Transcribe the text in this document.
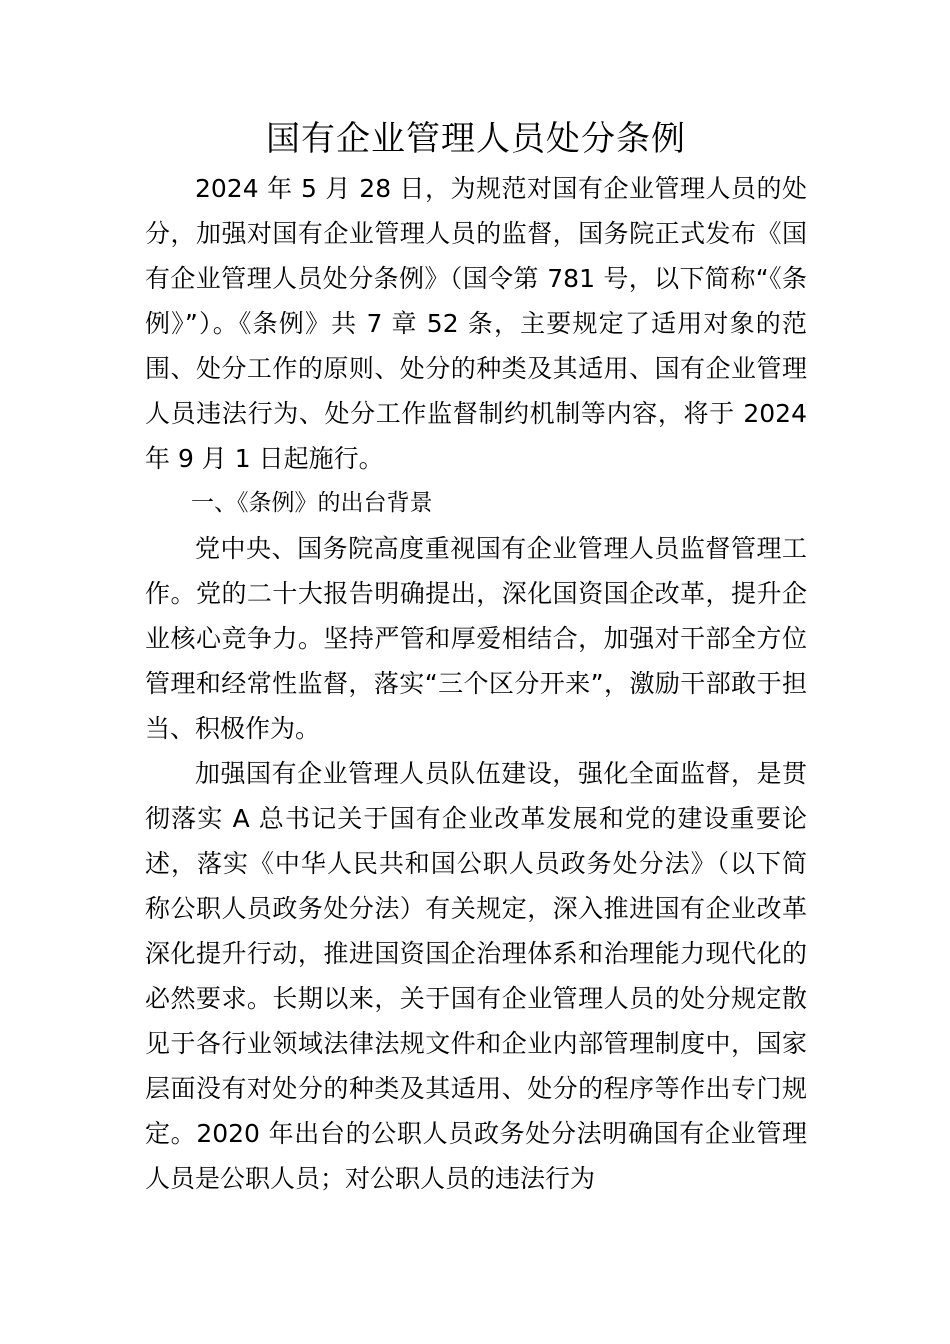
国有企业管理人员处分条例

2024 年 5 月 28 日，为规范对国有企业管理人员的处分，加强对国有企业管理人员的监督，国务院正式发布《国有企业管理人员处分条例》（国令第 781 号，以下简称“《条例》”）。《条例》共 7 章 52 条，主要规定了适用对象的范围、处分工作的原则、处分的种类及其适用、国有企业管理人员违法行为、处分工作监督制约机制等内容，将于 2024 年 9 月 1 日起施行。

一、《条例》的出台背景

党中央、国务院高度重视国有企业管理人员监督管理工作。党的二十大报告明确提出，深化国资国企改革，提升企业核心竞争力。坚持严管和厚爱相结合，加强对干部全方位管理和经常性监督，落实“三个区分开来”，激励干部敢于担当、积极作为。

加强国有企业管理人员队伍建设，强化全面监督，是贯彻落实 A 总书记关于国有企业改革发展和党的建设重要论述，落实《中华人民共和国公职人员政务处分法》（以下简称公职人员政务处分法）有关规定，深入推进国有企业改革深化提升行动，推进国资国企治理体系和治理能力现代化的必然要求。长期以来，关于国有企业管理人员的处分规定散见于各行业领域法律法规文件和企业内部管理制度中，国家层面没有对处分的种类及其适用、处分的程序等作出专门规定。2020 年出台的公职人员政务处分法明确国有企业管理人员是公职人员；对公职人员的违法行为
